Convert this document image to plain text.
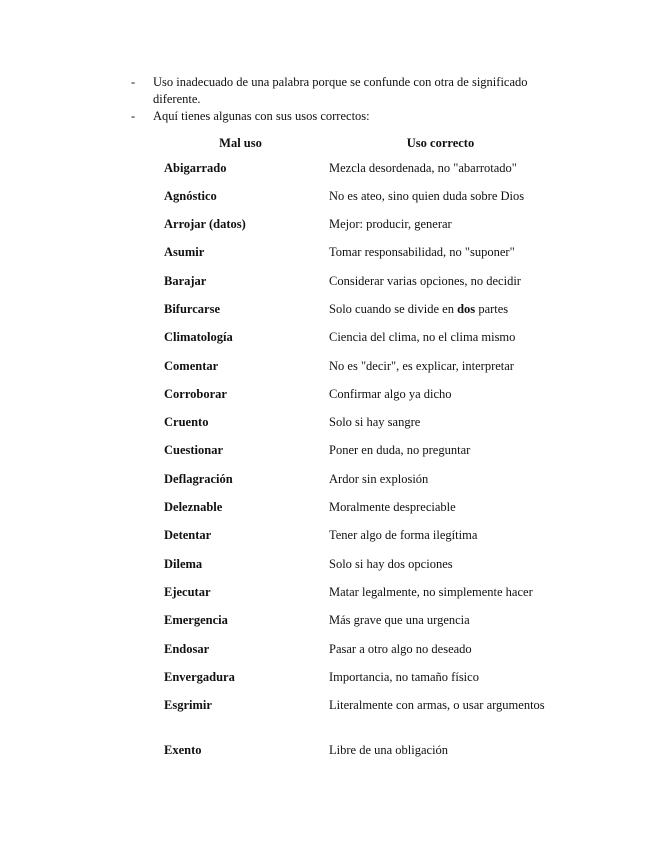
- Uso inadecuado de una palabra porque se confunde con otra de significado diferente.
- Aquí tienes algunas con sus usos correctos:
Mal uso	Uso correcto
Abigarrado	Mezcla desordenada, no "abarrotado"
Agnóstico	No es ateo, sino quien duda sobre Dios
Arrojar (datos)	Mejor: producir, generar
Asumir	Tomar responsabilidad, no "suponer"
Barajar	Considerar varias opciones, no decidir
Bifurcarse	Solo cuando se divide en dos partes
Climatología	Ciencia del clima, no el clima mismo
Comentar	No es "decir", es explicar, interpretar
Corroborar	Confirmar algo ya dicho
Cruento	Solo si hay sangre
Cuestionar	Poner en duda, no preguntar
Deflagración	Ardor sin explosión
Deleznable	Moralmente despreciable
Detentar	Tener algo de forma ilegítima
Dilema	Solo si hay dos opciones
Ejecutar	Matar legalmente, no simplemente hacer
Emergencia	Más grave que una urgencia
Endosar	Pasar a otro algo no deseado
Envergadura	Importancia, no tamaño físico
Esgrimir	Literalmente con armas, o usar argumentos
Exento	Libre de una obligación
